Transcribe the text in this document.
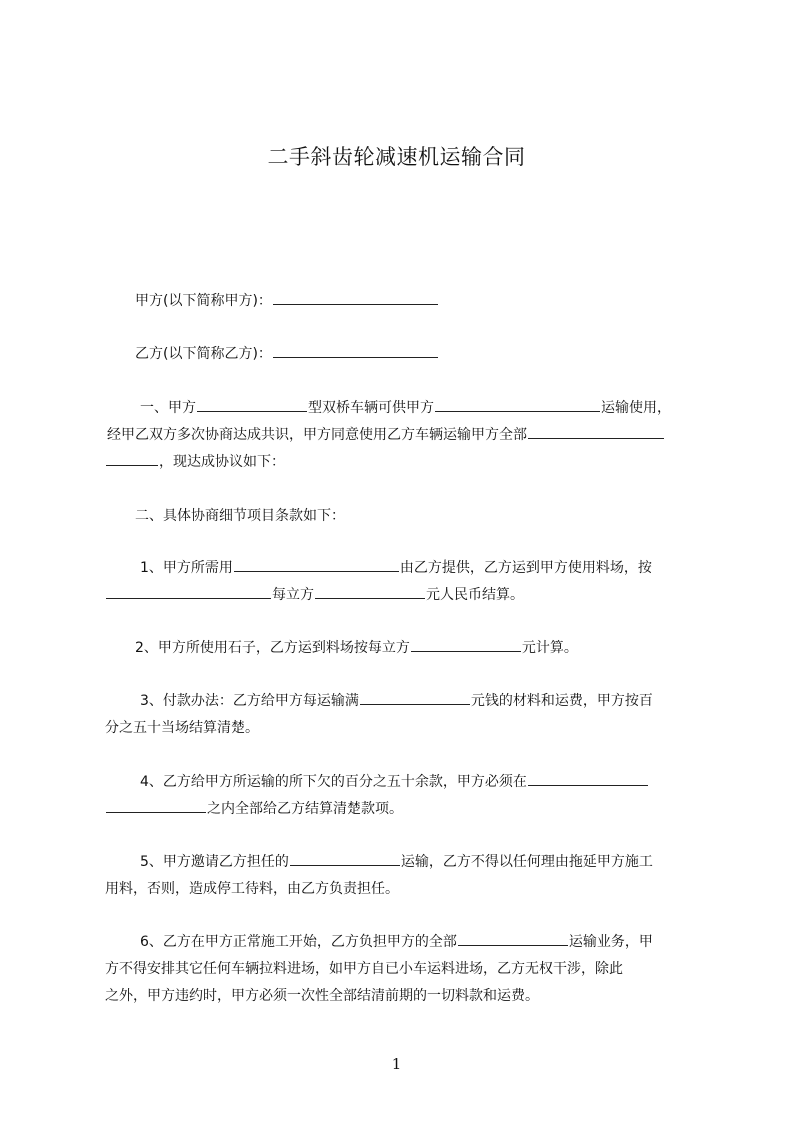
二手斜齿轮减速机运输合同
甲方(以下简称甲方)：
乙方(以下简称乙方)：
一、甲方	型双桥车辆可供甲方	运输使用，
经甲乙双方多次协商达成共识，甲方同意使用乙方车辆运输甲方全部
，现达成协议如下：
二、具体协商细节项目条款如下：
1、甲方所需用	由乙方提供，乙方运到甲方使用料场，按
每立方	元人民币结算。
2、甲方所使用石子，乙方运到料场按每立方	元计算。
3、付款办法：乙方给甲方每运输满	元钱的材料和运费，甲方按百
分之五十当场结算清楚。
4、乙方给甲方所运输的所下欠的百分之五十余款，甲方必须在
之内全部给乙方结算清楚款项。
5、甲方邀请乙方担任的	运输，乙方不得以任何理由拖延甲方施工
用料，否则，造成停工待料，由乙方负责担任。
6、乙方在甲方正常施工开始，乙方负担甲方的全部	运输业务，甲
方不得安排其它任何车辆拉料进场，如甲方自已小车运料进场，乙方无权干涉，除此
之外，甲方违约时，甲方必须一次性全部结清前期的一切料款和运费。
1
